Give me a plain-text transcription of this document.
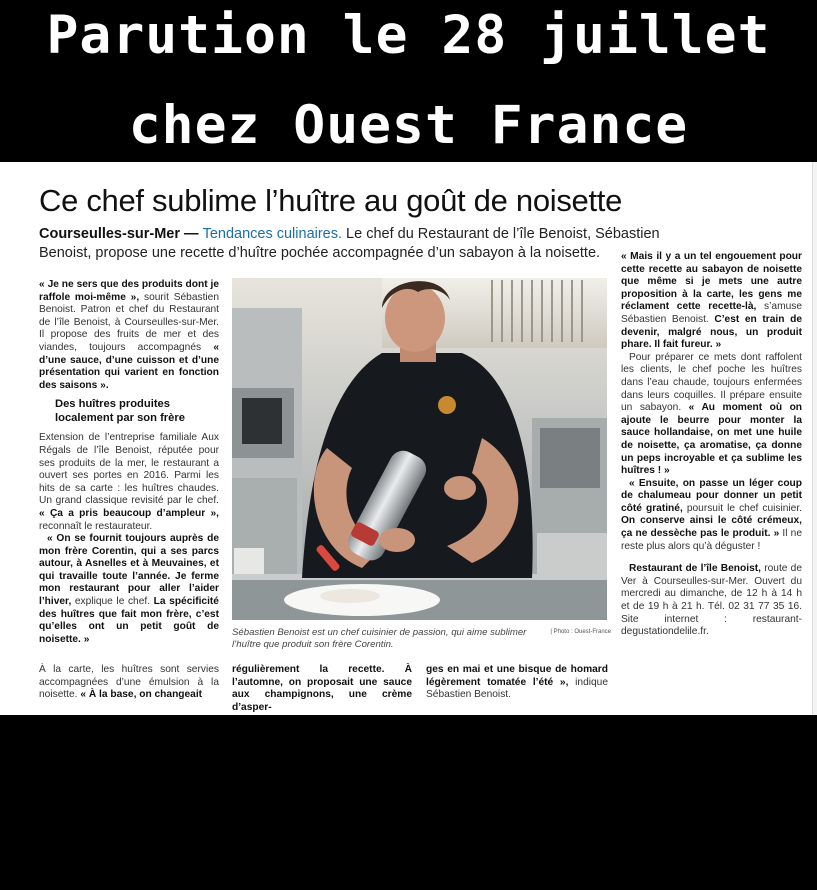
Parution le 28 juillet
chez Ouest France
Ce chef sublime l’huître au goût de noisette
Courseulles-sur-Mer — Tendances culinaires. Le chef du Restaurant de l’île Benoist, Sébastien Benoist, propose une recette d’huître pochée accompagnée d’un sabayon à la noisette.

« Je ne sers que des produits dont je raffole moi-même », sourit Sébastien Benoist. Patron et chef du Restaurant de l’île Benoist, à Courseulles-sur-Mer. Il propose des fruits de mer et des viandes, toujours accompagnés « d’une sauce, d’une cuisson et d’une présentation qui varient en fonction des saisons ».

Des huîtres produites localement par son frère

Extension de l’entreprise familiale Aux Régals de l’île Benoist, réputée pour ses produits de la mer, le restaurant a ouvert ses portes en 2016. Parmi les hits de sa carte : les huîtres chaudes. Un grand classique revisité par le chef. « Ça a pris beaucoup d’ampleur », reconnaît le restaurateur.

« On se fournit toujours auprès de mon frère Corentin, qui a ses parcs autour, à Asnelles et à Meuvaines, et qui travaille toute l’année. Je ferme mon restaurant pour aller l’aider l’hiver, explique le chef. La spécificité des huîtres que fait mon frère, c’est qu’elles ont un petit goût de noisette. »

Sébastien Benoist est un chef cuisinier de passion, qui aime sublimer l’huître que produit son frère Corentin.
| Photo : Ouest-France

« Mais il y a un tel engouement pour cette recette au sabayon de noisette que même si je mets une autre proposition à la carte, les gens me réclament cette recette-là, s’amuse Sébastien Benoist. C’est en train de devenir, malgré nous, un produit phare. Il fait fureur. »

Pour préparer ce mets dont raffolent les clients, le chef poche les huîtres dans l’eau chaude, toujours enfermées dans leurs coquilles. Il prépare ensuite un sabayon. « Au moment où on ajoute le beurre pour monter la sauce hollandaise, on met une huile de noisette, ça aromatise, ça donne un peps incroyable et ça sublime les huîtres ! »

« Ensuite, on passe un léger coup de chalumeau pour donner un petit côté gratiné, poursuit le chef cuisinier. On conserve ainsi le côté crémeux, ça ne dessèche pas le produit. » Il ne reste plus alors qu’à déguster !

Restaurant de l’île Benoist, route de Ver à Courseulles-sur-Mer. Ouvert du mercredi au dimanche, de 12 h à 14 h et de 19 h à 21 h. Tél. 02 31 77 35 16. Site internet : restaurant-degustationdelile.fr.

À la carte, les huîtres sont servies accompagnées d’une émulsion à la noisette. « À la base, on changeait
régulièrement la recette. À l’automne, on proposait une sauce aux champignons, une crème d’asper-
ges en mai et une bisque de homard légèrement tomatée l’été », indique Sébastien Benoist.
